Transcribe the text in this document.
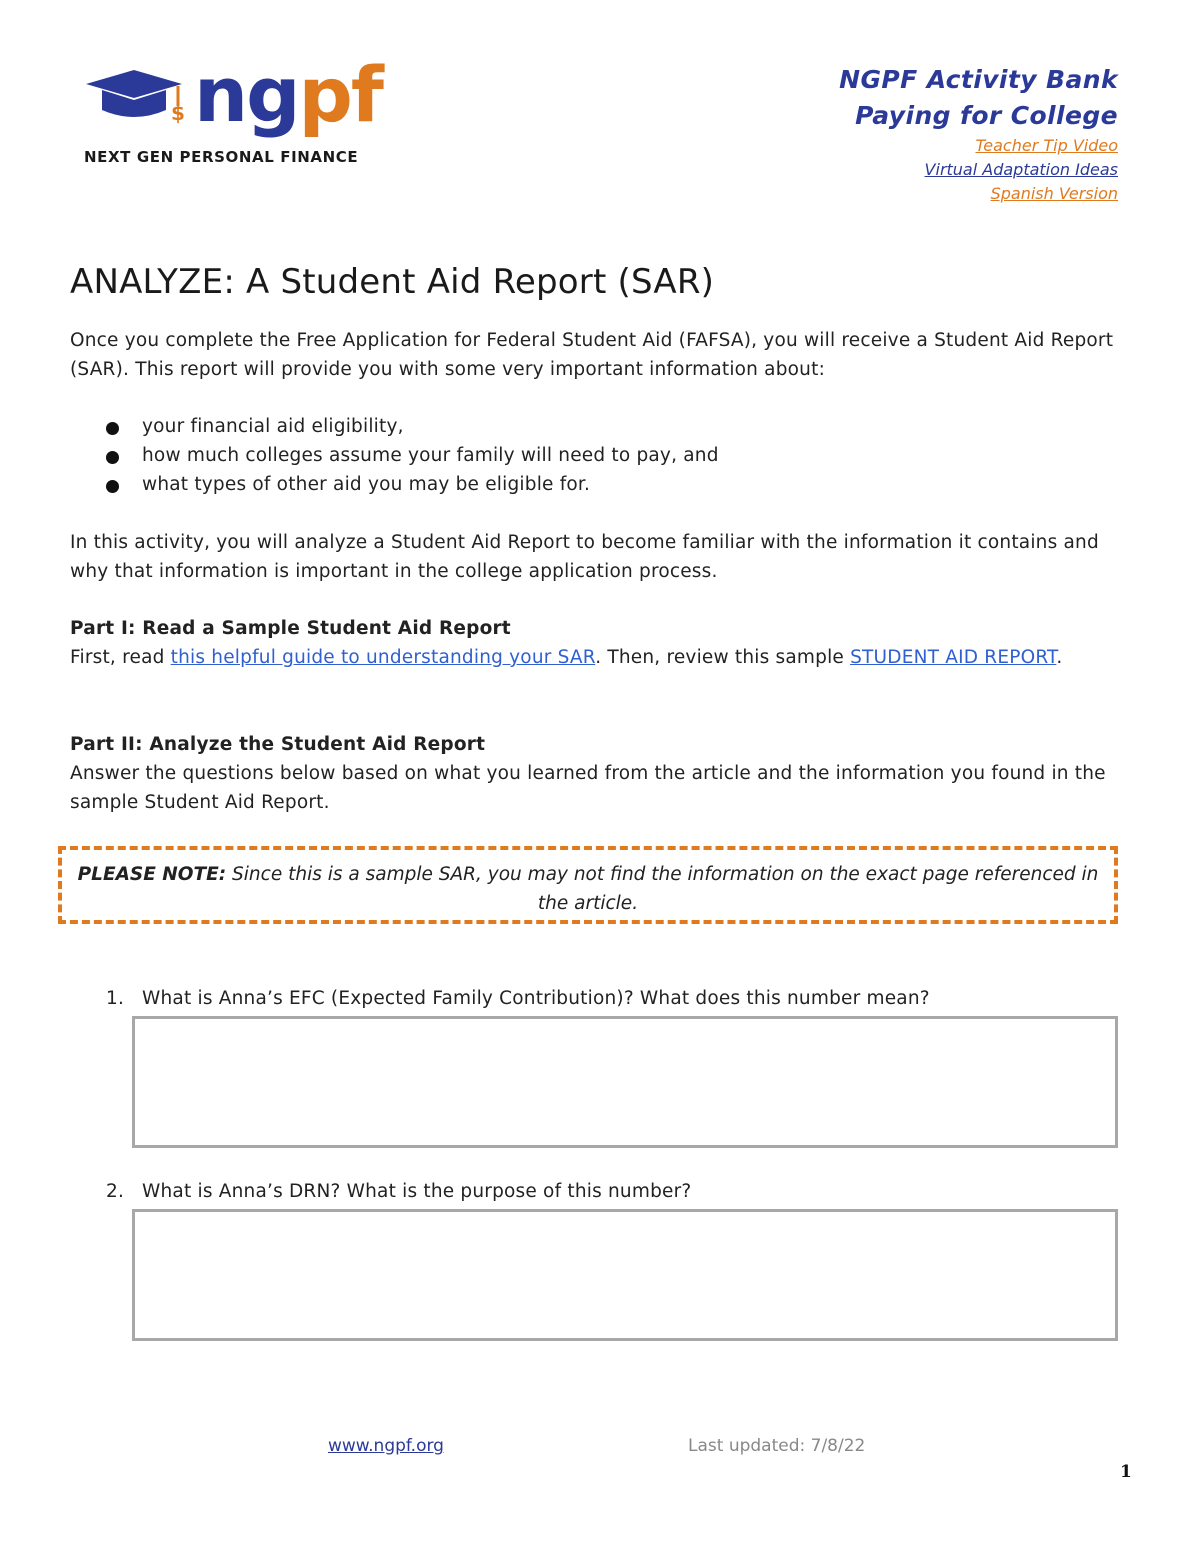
$ ngpf
NEXT GEN PERSONAL FINANCE
NGPF Activity Bank
Paying for College
Teacher Tip Video
Virtual Adaptation Ideas
Spanish Version
ANALYZE: A Student Aid Report (SAR)

Once you complete the Free Application for Federal Student Aid (FAFSA), you will receive a Student Aid Report (SAR). This report will provide you with some very important information about:

your financial aid eligibility,
how much colleges assume your family will need to pay, and
what types of other aid you may be eligible for.

In this activity, you will analyze a Student Aid Report to become familiar with the information it contains and why that information is important in the college application process.

Part I: Read a Sample Student Aid Report
First, read this helpful guide to understanding your SAR. Then, review this sample STUDENT AID REPORT.
Part II: Analyze the Student Aid Report
Answer the questions below based on what you learned from the article and the information you found in the sample Student Aid Report.
PLEASE NOTE: Since this is a sample SAR, you may not find the information on the exact page referenced in the article.
1. What is Anna’s EFC (Expected Family Contribution)? What does this number mean?
2. What is Anna’s DRN? What is the purpose of this number?
www.ngpf.org	Last updated: 7/8/22
1
